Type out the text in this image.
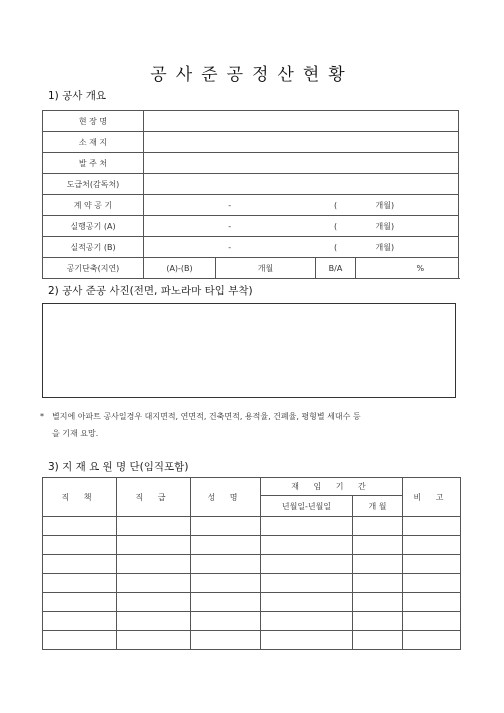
공사준공정산현황
1) 공사 개요
현 장 명				
소 재 지				
발 주 처				
도급처(감독처)				
계 약 공 기	-		(	개월)
실행공기 (A)	-		(	개월)
실적공기 (B)	-		(	개월)
공기단축(지연)	(A)-(B)	개월	B/A	%
2) 공사 준공 사진(전면, 파노라마 타입 부착)
* 별지에 아파트 공사일경우 대지면적, 연면적, 건축면적, 용적율, 건폐율, 평형별 세대수 등
을 기재 요망.
3) 지 재 요 원 명 단(임직포함)
직 책	직 급	성 명	재 임 기 간		비 고
			년월일-년월일	개 월	
